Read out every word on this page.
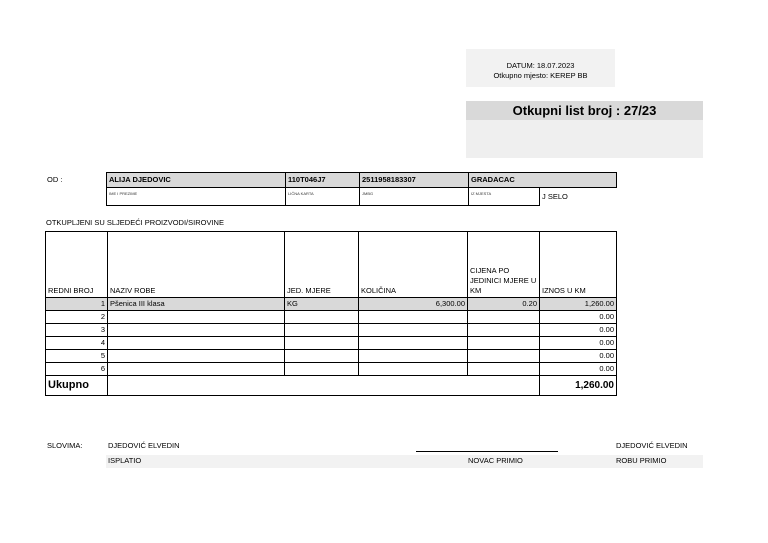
DATUM: 18.07.2023
Otkupno mjesto: KEREP BB
Otkupni list broj : 27/23
OD :	ALIJA DJEDOVIC	110T046J7	2511958183307	GRADACAC	
IME I PREZIME	LIČNA KARTA	JMBG	IZ MJESTA	J SELO
OTKUPLJENI SU SLJEDEĆI PROIZVODI/SIROVINE
REDNI BROJ	NAZIV ROBE	JED. MJERE	KOLIČINA	CIJENA PO JEDINICI MJERE U KM	IZNOS U KM
1	Pšenica III klasa	KG	6,300.00	0.20	1,260.00
2					0.00
3					0.00
4					0.00
5					0.00
6					0.00
Ukupno					1,260.00
SLOVIMA:	DJEDOVIĆ ELVEDIN
ISPLATIO	NOVAC PRIMIO
DJEDOVIĆ ELVEDIN
ROBU PRIMIO
